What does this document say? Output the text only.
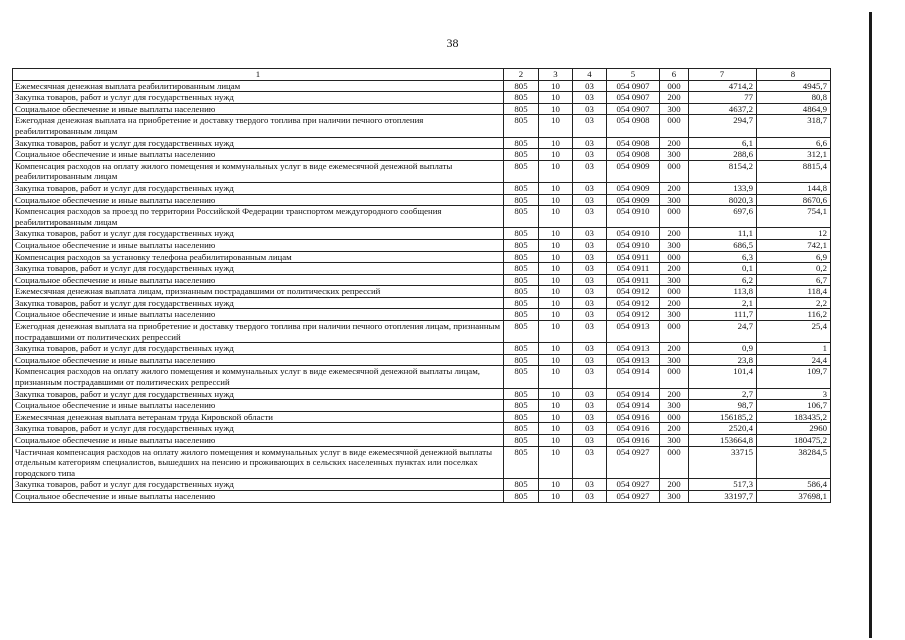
38
1	2	3	4	5	6	7	8
Ежемесячная денежная выплата реабилитированным лицам	805	10	03	054 0907	000	4714,2	4945,7
Закупка товаров, работ и услуг для государственных нужд	805	10	03	054 0907	200	77	80,8
Социальное обеспечение и иные выплаты населению	805	10	03	054 0907	300	4637,2	4864,9
Ежегодная денежная выплата на приобретение и доставку твердого топлива при наличии печного отопления реабилитированным лицам	805	10	03	054 0908	000	294,7	318,7
Закупка товаров, работ и услуг для государственных нужд	805	10	03	054 0908	200	6,1	6,6
Социальное обеспечение и иные выплаты населению	805	10	03	054 0908	300	288,6	312,1
Компенсация расходов на оплату жилого помещения и коммунальных услуг в виде ежемесячной денежной выплаты реабилитированным лицам	805	10	03	054 0909	000	8154,2	8815,4
Закупка товаров, работ и услуг для государственных нужд	805	10	03	054 0909	200	133,9	144,8
Социальное обеспечение и иные выплаты населению	805	10	03	054 0909	300	8020,3	8670,6
Компенсация расходов за проезд по территории Российской Федерации транспортом междугородного сообщения реабилитированным лицам	805	10	03	054 0910	000	697,6	754,1
Закупка товаров, работ и услуг для государственных нужд	805	10	03	054 0910	200	11,1	12
Социальное обеспечение и иные выплаты населению	805	10	03	054 0910	300	686,5	742,1
Компенсация расходов за установку телефона реабилитированным лицам	805	10	03	054 0911	000	6,3	6,9
Закупка товаров, работ и услуг для государственных нужд	805	10	03	054 0911	200	0,1	0,2
Социальное обеспечение и иные выплаты населению	805	10	03	054 0911	300	6,2	6,7
Ежемесячная денежная выплата лицам, признанным пострадавшими от политических репрессий	805	10	03	054 0912	000	113,8	118,4
Закупка товаров, работ и услуг для государственных нужд	805	10	03	054 0912	200	2,1	2,2
Социальное обеспечение и иные выплаты населению	805	10	03	054 0912	300	111,7	116,2
Ежегодная денежная выплата на приобретение и доставку твердого топлива при наличии печного отопления лицам, признанным пострадавшими от политических репрессий	805	10	03	054 0913	000	24,7	25,4
Закупка товаров, работ и услуг для государственных нужд	805	10	03	054 0913	200	0,9	1
Социальное обеспечение и иные выплаты населению	805	10	03	054 0913	300	23,8	24,4
Компенсация расходов на оплату жилого помещения и коммунальных услуг в виде ежемесячной денежной выплаты лицам, признанным пострадавшими от политических репрессий	805	10	03	054 0914	000	101,4	109,7
Закупка товаров, работ и услуг для государственных нужд	805	10	03	054 0914	200	2,7	3
Социальное обеспечение и иные выплаты населению	805	10	03	054 0914	300	98,7	106,7
Ежемесячная денежная выплата ветеранам труда Кировской области	805	10	03	054 0916	000	156185,2	183435,2
Закупка товаров, работ и услуг для государственных нужд	805	10	03	054 0916	200	2520,4	2960
Социальное обеспечение и иные выплаты населению	805	10	03	054 0916	300	153664,8	180475,2
Частичная компенсация расходов на оплату жилого помещения и коммунальных услуг в виде ежемесячной денежной выплаты отдельным категориям специалистов, вышедших на пенсию и проживающих в сельских населенных пунктах или поселках городского типа	805	10	03	054 0927	000	33715	38284,5
Закупка товаров, работ и услуг для государственных нужд	805	10	03	054 0927	200	517,3	586,4
Социальное обеспечение и иные выплаты населению	805	10	03	054 0927	300	33197,7	37698,1
